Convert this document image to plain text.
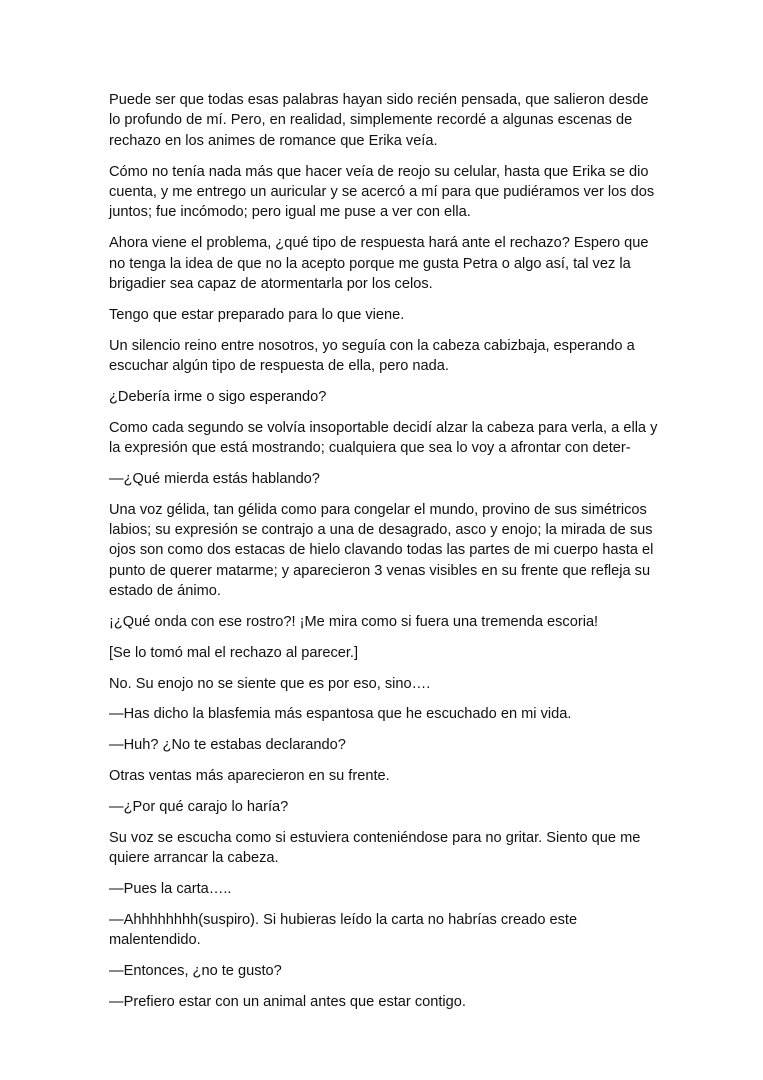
Puede ser que todas esas palabras hayan sido recién pensada, que salieron desde lo profundo de mí. Pero, en realidad, simplemente recordé a algunas escenas de rechazo en los animes de romance que Erika veía.

Cómo no tenía nada más que hacer veía de reojo su celular, hasta que Erika se dio cuenta, y me entrego un auricular y se acercó a mí para que pudiéramos ver los dos juntos; fue incómodo; pero igual me puse a ver con ella.

Ahora viene el problema, ¿qué tipo de respuesta hará ante el rechazo? Espero que no tenga la idea de que no la acepto porque me gusta Petra o algo así, tal vez la brigadier sea capaz de atormentarla por los celos.

Tengo que estar preparado para lo que viene.

Un silencio reino entre nosotros, yo seguía con la cabeza cabizbaja, esperando a escuchar algún tipo de respuesta de ella, pero nada.

¿Debería irme o sigo esperando?

Como cada segundo se volvía insoportable decidí alzar la cabeza para verla, a ella y la expresión que está mostrando; cualquiera que sea lo voy a afrontar con deter-

—¿Qué mierda estás hablando?

Una voz gélida, tan gélida como para congelar el mundo, provino de sus simétricos labios; su expresión se contrajo a una de desagrado, asco y enojo; la mirada de sus ojos son como dos estacas de hielo clavando todas las partes de mi cuerpo hasta el punto de querer matarme; y aparecieron 3 venas visibles en su frente que refleja su estado de ánimo.

¡¿Qué onda con ese rostro?! ¡Me mira como si fuera una tremenda escoria!

[Se lo tomó mal el rechazo al parecer.]

No. Su enojo no se siente que es por eso, sino….

—Has dicho la blasfemia más espantosa que he escuchado en mi vida.

—Huh? ¿No te estabas declarando?

Otras ventas más aparecieron en su frente.

—¿Por qué carajo lo haría?

Su voz se escucha como si estuviera conteniéndose para no gritar. Siento que me quiere arrancar la cabeza.

—Pues la carta…..

—Ahhhhhhhh(suspiro). Si hubieras leído la carta no habrías creado este malentendido.

—Entonces, ¿no te gusto?

—Prefiero estar con un animal antes que estar contigo.
